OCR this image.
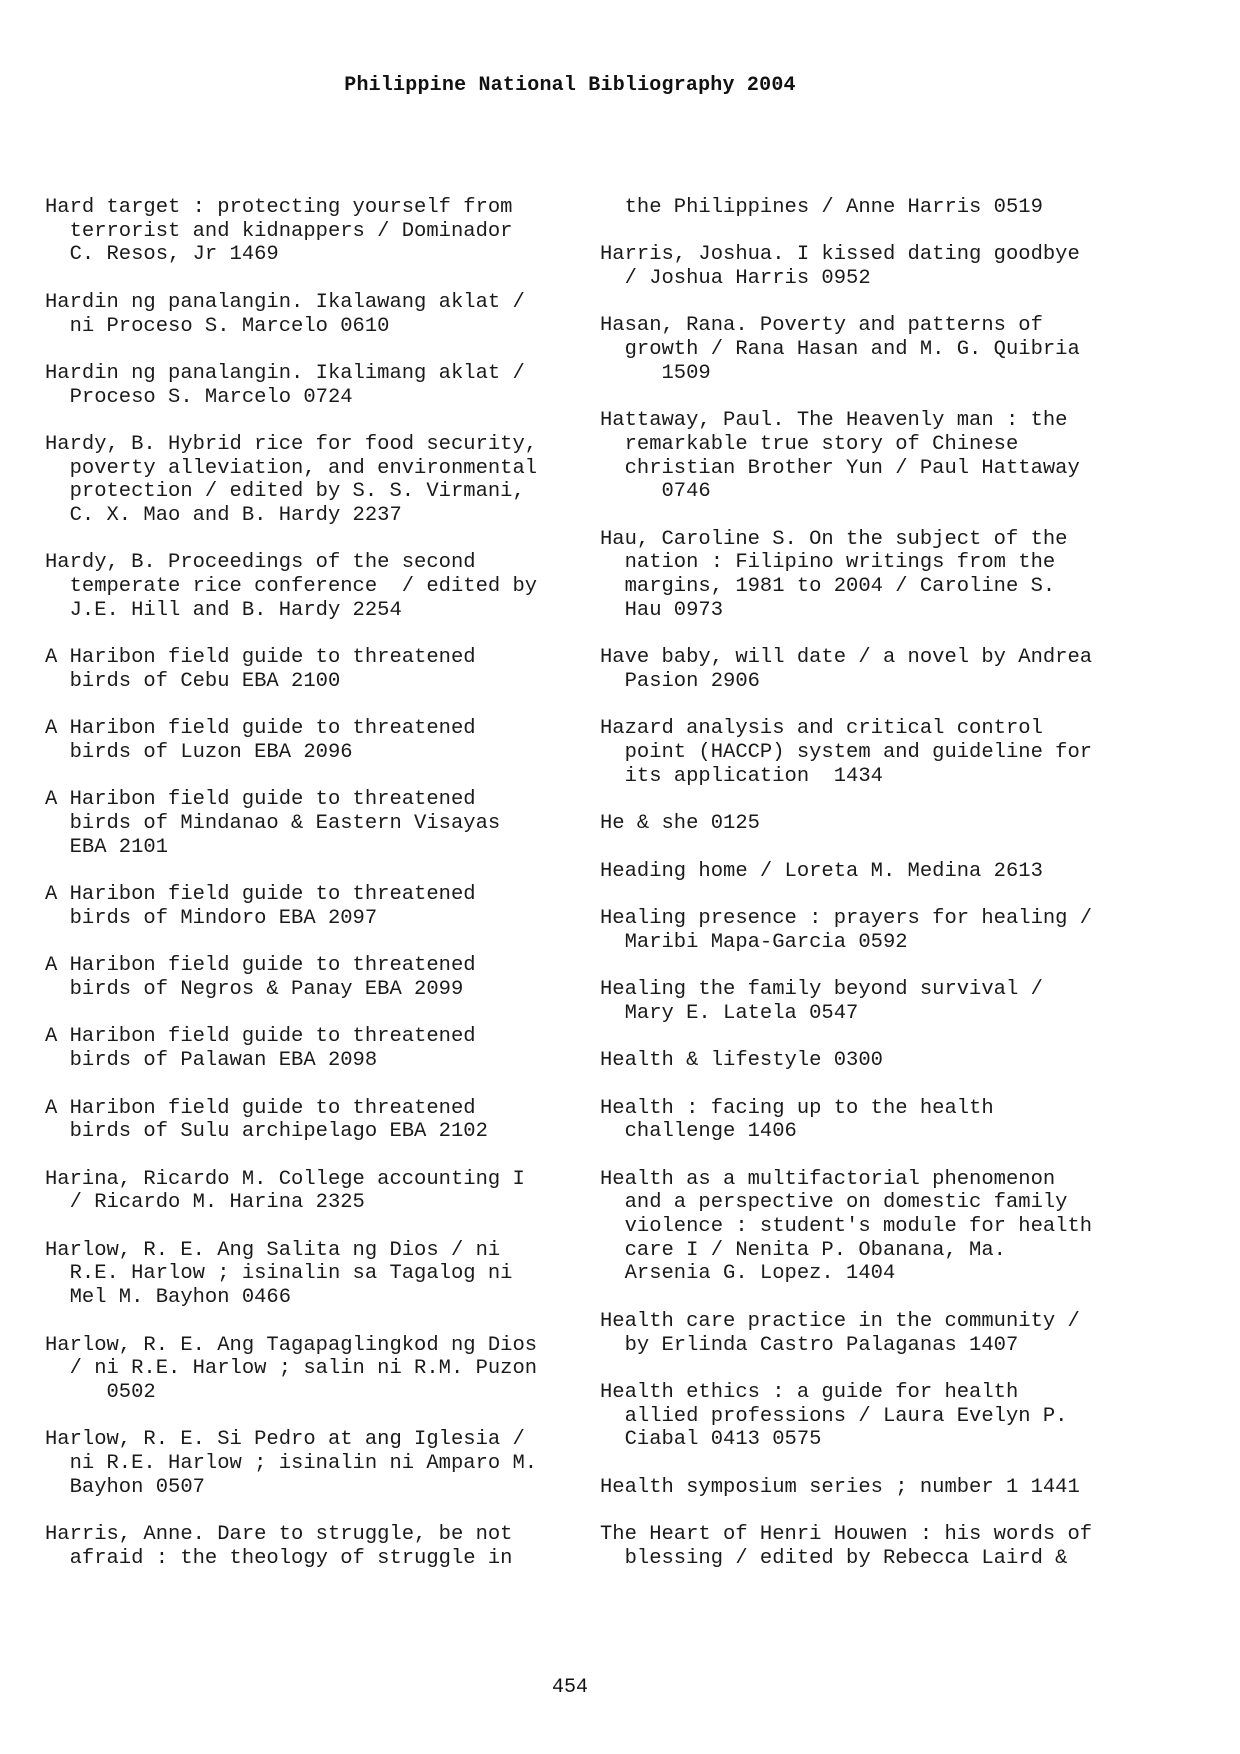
Philippine National Bibliography 2004
Hard target : protecting yourself from
terrorist and kidnappers / Dominador
C. Resos, Jr 1469
Hardin ng panalangin. Ikalawang aklat /
ni Proceso S. Marcelo 0610
Hardin ng panalangin. Ikalimang aklat /
Proceso S. Marcelo 0724
Hardy, B. Hybrid rice for food security,
poverty alleviation, and environmental
protection / edited by S. S. Virmani,
C. X. Mao and B. Hardy 2237
Hardy, B. Proceedings of the second
temperate rice conference  / edited by
J.E. Hill and B. Hardy 2254
A Haribon field guide to threatened
birds of Cebu EBA 2100
A Haribon field guide to threatened
birds of Luzon EBA 2096
A Haribon field guide to threatened
birds of Mindanao & Eastern Visayas
EBA 2101
A Haribon field guide to threatened
birds of Mindoro EBA 2097
A Haribon field guide to threatened
birds of Negros & Panay EBA 2099
A Haribon field guide to threatened
birds of Palawan EBA 2098
A Haribon field guide to threatened
birds of Sulu archipelago EBA 2102
Harina, Ricardo M. College accounting I
/ Ricardo M. Harina 2325
Harlow, R. E. Ang Salita ng Dios / ni
R.E. Harlow ; isinalin sa Tagalog ni
Mel M. Bayhon 0466
Harlow, R. E. Ang Tagapaglingkod ng Dios
/ ni R.E. Harlow ; salin ni R.M. Puzon
0502
Harlow, R. E. Si Pedro at ang Iglesia /
ni R.E. Harlow ; isinalin ni Amparo M.
Bayhon 0507
Harris, Anne. Dare to struggle, be not
afraid : the theology of struggle in
the Philippines / Anne Harris 0519
Harris, Joshua. I kissed dating goodbye
/ Joshua Harris 0952
Hasan, Rana. Poverty and patterns of
growth / Rana Hasan and M. G. Quibria
1509
Hattaway, Paul. The Heavenly man : the
remarkable true story of Chinese
christian Brother Yun / Paul Hattaway
0746
Hau, Caroline S. On the subject of the
nation : Filipino writings from the
margins, 1981 to 2004 / Caroline S.
Hau 0973
Have baby, will date / a novel by Andrea
Pasion 2906
Hazard analysis and critical control
point (HACCP) system and guideline for
its application  1434
He & she 0125
Heading home / Loreta M. Medina 2613
Healing presence : prayers for healing /
Maribi Mapa-Garcia 0592
Healing the family beyond survival /
Mary E. Latela 0547
Health & lifestyle 0300
Health : facing up to the health
challenge 1406
Health as a multifactorial phenomenon
and a perspective on domestic family
violence : student's module for health
care I / Nenita P. Obanana, Ma.
Arsenia G. Lopez. 1404
Health care practice in the community /
by Erlinda Castro Palaganas 1407
Health ethics : a guide for health
allied professions / Laura Evelyn P.
Ciabal 0413 0575
Health symposium series ; number 1 1441
The Heart of Henri Houwen : his words of
blessing / edited by Rebecca Laird &
454
